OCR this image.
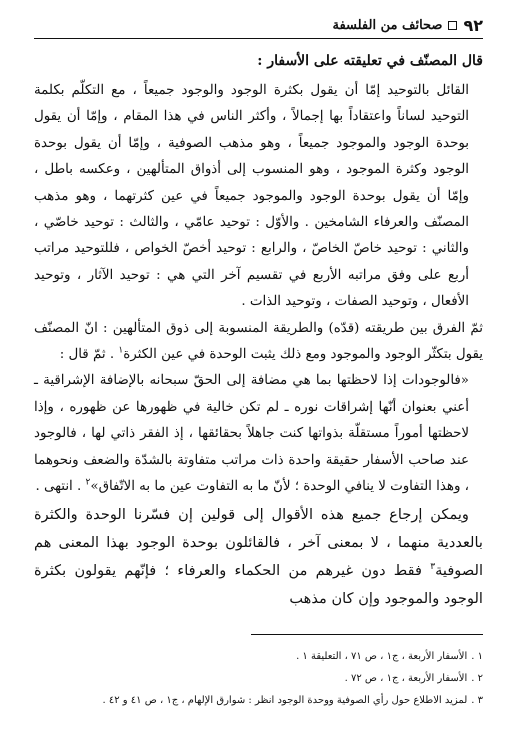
٩٢
صحائف من الفلسفة

قال المصنّف في تعليقته على الأسفار :

القائل بالتوحيد إمّا أن يقول بكثرة الوجود والوجود جميعاً ، مع التكلّم بكلمة التوحيد لساناً واعتقاداً بها إجمالاً ، وأكثر الناس في هذا المقام ، وإمّا أن يقول بوحدة الوجود والموجود جميعاً ، وهو مذهب الصوفية ، وإمّا أن يقول بوحدة الوجود وكثرة الموجود ، وهو المنسوب إلى أذواق المتألهين ، وعكسه باطل ، وإمّا أن يقول بوحدة الوجود والموجود جميعاً في عين كثرتهما ، وهو مذهب المصنّف والعرفاء الشامخين . والأوّل : توحيد عامّي ، والثالث : توحيد خاصّي ، والثاني : توحيد خاصّ الخاصّ ، والرابع : توحيد أخصّ الخواص ، فللتوحيد مراتب أربع على وفق مراتبه الأربع في تقسيم آخر التي هي : توحيد الآثار ، وتوحيد الأفعال ، وتوحيد الصفات ، وتوحيد الذات .

ثمّ الفرق بين طريقته (قدّه) والطريقة المنسوبة إلى ذوق المتألهين : انّ المصنّف يقول بتكثّر الوجود والموجود ومع ذلك يثبت الوحدة في عين الكثرة$^١$ . ثمّ قال :

«فالوجودات إذا لاحظتها بما هي مضافة إلى الحقّ سبحانه بالإضافة الإشراقية ـ أعني بعنوان أنّها إشراقات نوره ـ لم تكن خالية في ظهورها عن ظهوره ، وإذا لاحظتها أموراً مستقلّة بذواتها كنت جاهلاً بحقائقها ، إذ الفقر ذاتي لها ، فالوجود عند صاحب الأسفار حقيقة واحدة ذات مراتب متفاوتة بالشدّة والضعف ونحوهما ، وهذا التفاوت لا ينافي الوحدة ؛ لأنّ ما به التفاوت عين ما به الاتّفاق»$^٢$ . انتهى .

ويمكن إرجاع جميع هذه الأقوال إلى قولين إن فسّرنا الوحدة والكثرة بالعددية منهما ، لا بمعنى آخر ، فالقائلون بوحدة الوجود بهذا المعنى هم الصوفية$^٣$ فقط دون غيرهم من الحكماء والعرفاء ؛ فإنّهم يقولون بكثرة الوجود والموجود وإن كان مذهب

١ .الأسفار الأربعة ، ج١ ، ص ٧١ ، التعليقة ١ .

٢ .الأسفار الأربعة ، ج١ ، ص ٧٢ .

٣ .لمزيد الاطلاع حول رأي الصوفية ووحدة الوجود انظر : شوارق الإلهام ، ج١ ، ص ٤١ و ٤٢ .
